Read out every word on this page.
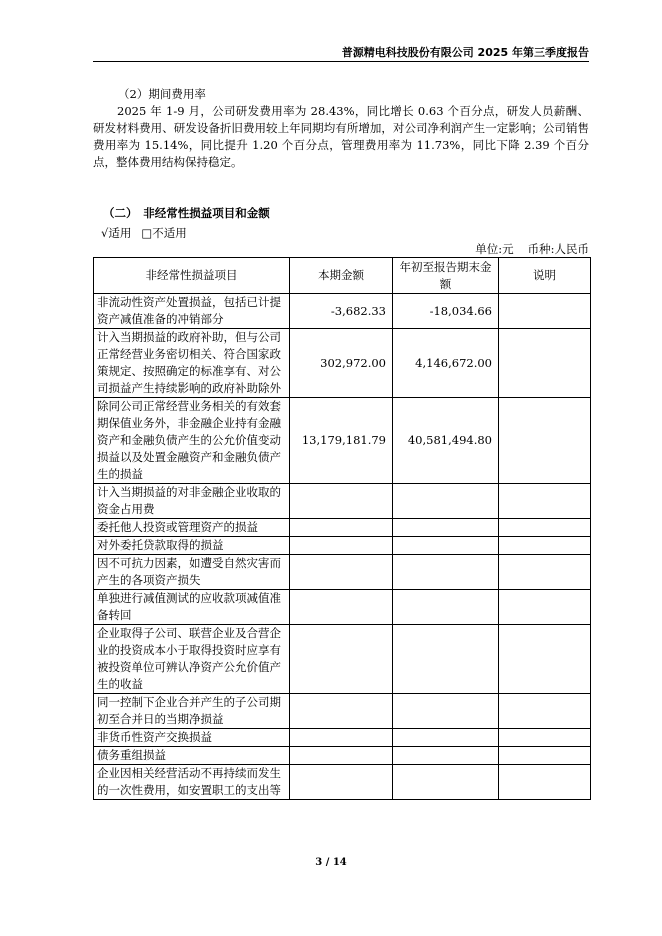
普源精电科技股份有限公司 2025 年第三季度报告
（2）期间费用率
2025 年 1-9 月，公司研发费用率为 28.43%，同比增长 0.63 个百分点，研发人员薪酬、研发材料费用、研发设备折旧费用较上年同期均有所增加，对公司净利润产生一定影响；公司销售费用率为 15.14%，同比提升 1.20 个百分点，管理费用率为 11.73%，同比下降 2.39 个百分点，整体费用结构保持稳定。
（二）　非经常性损益项目和金额
√适用 □不适用
单位:元 币种:人民币
非经常性损益项目	本期金额	年初至报告期末金额	说明
非流动性资产处置损益，包括已计提资产减值准备的冲销部分	-3,682.33	-18,034.66	
计入当期损益的政府补助，但与公司正常经营业务密切相关、符合国家政策规定、按照确定的标准享有、对公司损益产生持续影响的政府补助除外	302,972.00	4,146,672.00	
除同公司正常经营业务相关的有效套期保值业务外，非金融企业持有金融资产和金融负债产生的公允价值变动损益以及处置金融资产和金融负债产生的损益	13,179,181.79	40,581,494.80	
计入当期损益的对非金融企业收取的资金占用费			
委托他人投资或管理资产的损益			
对外委托贷款取得的损益			
因不可抗力因素，如遭受自然灾害而产生的各项资产损失			
单独进行减值测试的应收款项减值准备转回			
企业取得子公司、联营企业及合营企业的投资成本小于取得投资时应享有被投资单位可辨认净资产公允价值产生的收益			
同一控制下企业合并产生的子公司期初至合并日的当期净损益			
非货币性资产交换损益			
债务重组损益			
企业因相关经营活动不再持续而发生的一次性费用，如安置职工的支出等			
3 / 14
